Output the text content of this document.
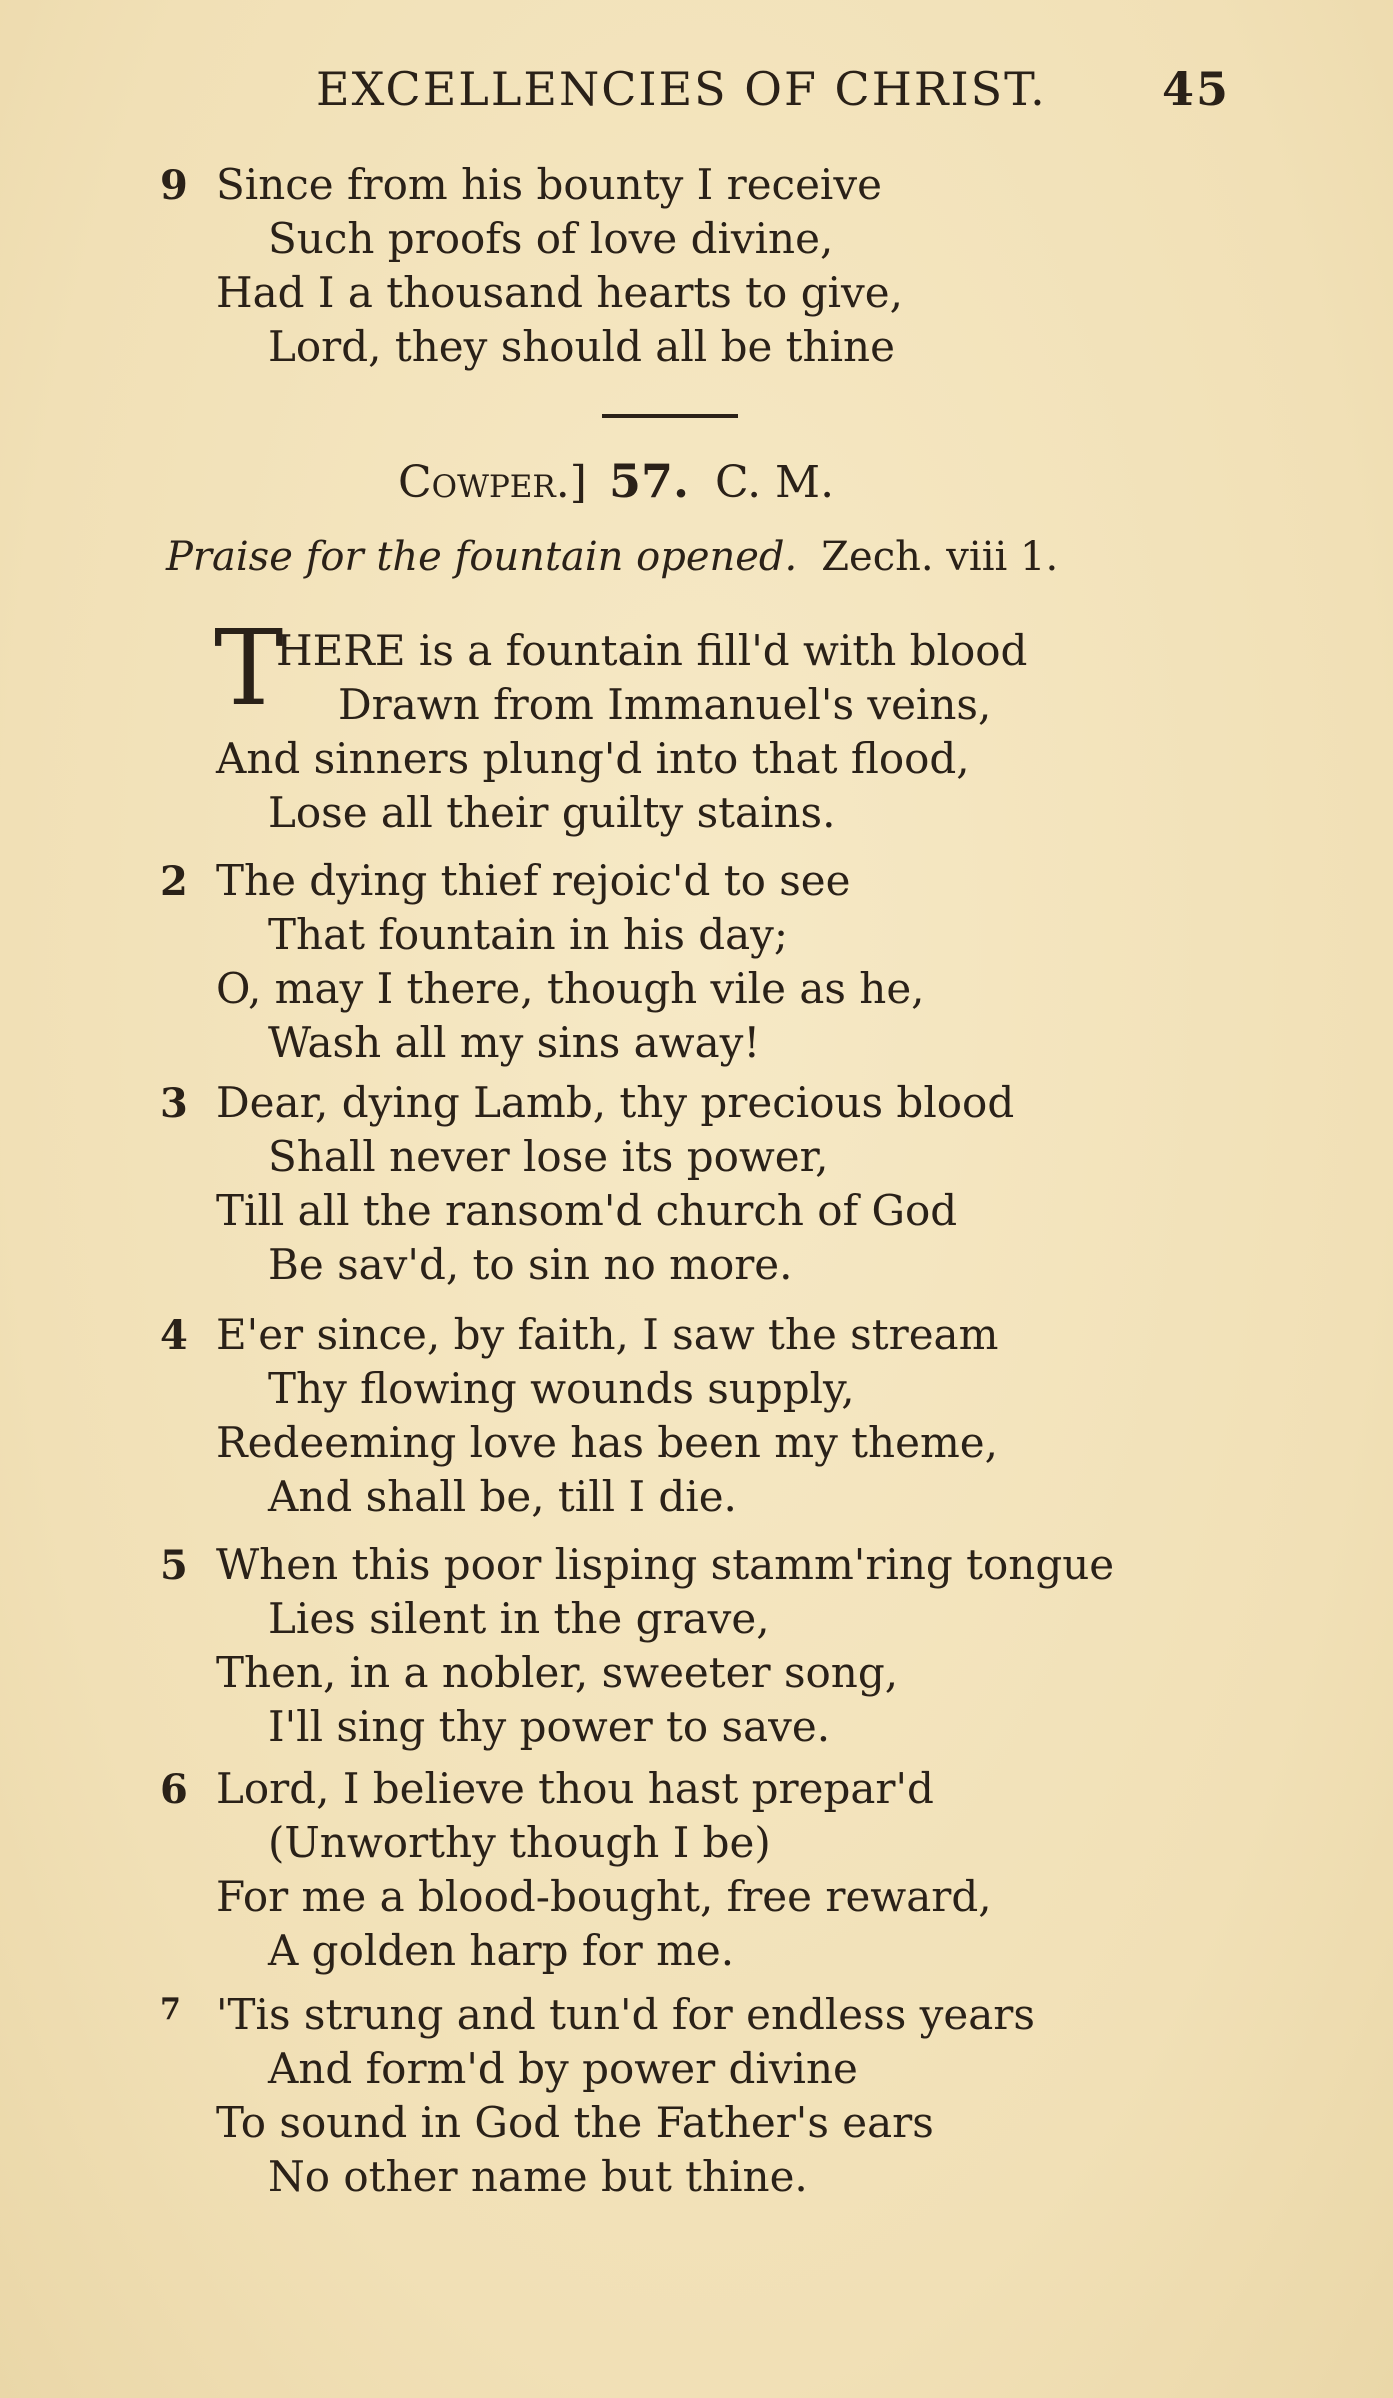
EXCELLENCIES OF CHRIST.	45
9 Since from his bounty I receive
Such proofs of love divine,
Had I a thousand hearts to give,
Lord, they should all be thine
Cowper.] 57. C. M.
Praise for the fountain opened. Zech. viii 1.
T
HERE is a fountain fill'd with blood
Drawn from Immanuel's veins,
And sinners plung'd into that flood,
Lose all their guilty stains.
2 The dying thief rejoic'd to see
That fountain in his day;
O, may I there, though vile as he,
Wash all my sins away!
3 Dear, dying Lamb, thy precious blood
Shall never lose its power,
Till all the ransom'd church of God
Be sav'd, to sin no more.
4 E'er since, by faith, I saw the stream
Thy flowing wounds supply,
Redeeming love has been my theme,
And shall be, till I die.
5 When this poor lisping stamm'ring tongue
Lies silent in the grave,
Then, in a nobler, sweeter song,
I'll sing thy power to save.
6 Lord, I believe thou hast prepar'd
(Unworthy though I be)
For me a blood-bought, free reward,
A golden harp for me.
7 'Tis strung and tun'd for endless years
And form'd by power divine
To sound in God the Father's ears
No other name but thine.
